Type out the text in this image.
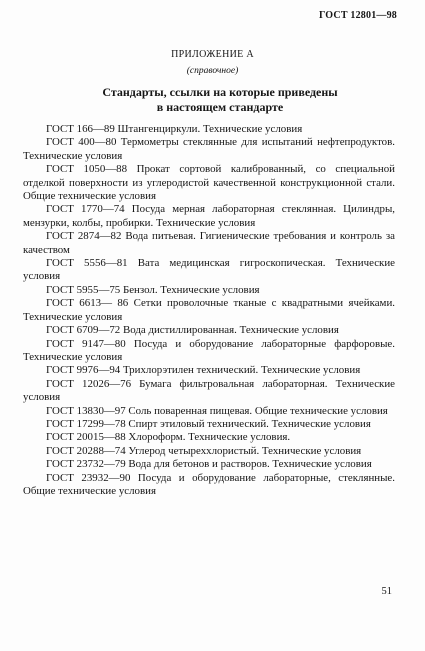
ГОСТ 12801—98
ПРИЛОЖЕНИЕ А
(справочное)
Стандарты, ссылки на которые приведены
в настоящем стандарте

ГОСТ 166—89 Штангенциркули. Технические условия

ГОСТ 400—80 Термометры стеклянные для испытаний нефтепродуктов. Технические условия

ГОСТ 1050—88 Прокат сортовой калиброванный, со специальной отделкой поверхности из углеродистой качественной конструкционной стали. Общие технические условия

ГОСТ 1770—74 Посуда мерная лабораторная стеклянная. Цилиндры, мензурки, колбы, пробирки. Технические условия

ГОСТ 2874—82 Вода питьевая. Гигиенические требования и контроль за качеством

ГОСТ 5556—81 Вата медицинская гигроскопическая. Технические условия

ГОСТ 5955—75 Бензол. Технические условия

ГОСТ 6613— 86 Сетки проволочные тканые с квадратными ячейками. Технические условия

ГОСТ 6709—72 Вода дистиллированная. Технические условия

ГОСТ 9147—80 Посуда и оборудование лабораторные фарфоровые. Технические условия

ГОСТ 9976—94 Трихлорэтилен технический. Технические условия

ГОСТ 12026—76 Бумага фильтровальная лабораторная. Технические условия

ГОСТ 13830—97 Соль поваренная пищевая. Общие технические условия

ГОСТ 17299—78 Спирт этиловый технический. Технические условия

ГОСТ 20015—88 Хлороформ. Технические условия.

ГОСТ 20288—74 Углерод четыреххлористый. Технические условия

ГОСТ 23732—79 Вода для бетонов и растворов. Технические условия

ГОСТ 23932—90 Посуда и оборудование лабораторные, стеклянные. Общие технические условия

51
